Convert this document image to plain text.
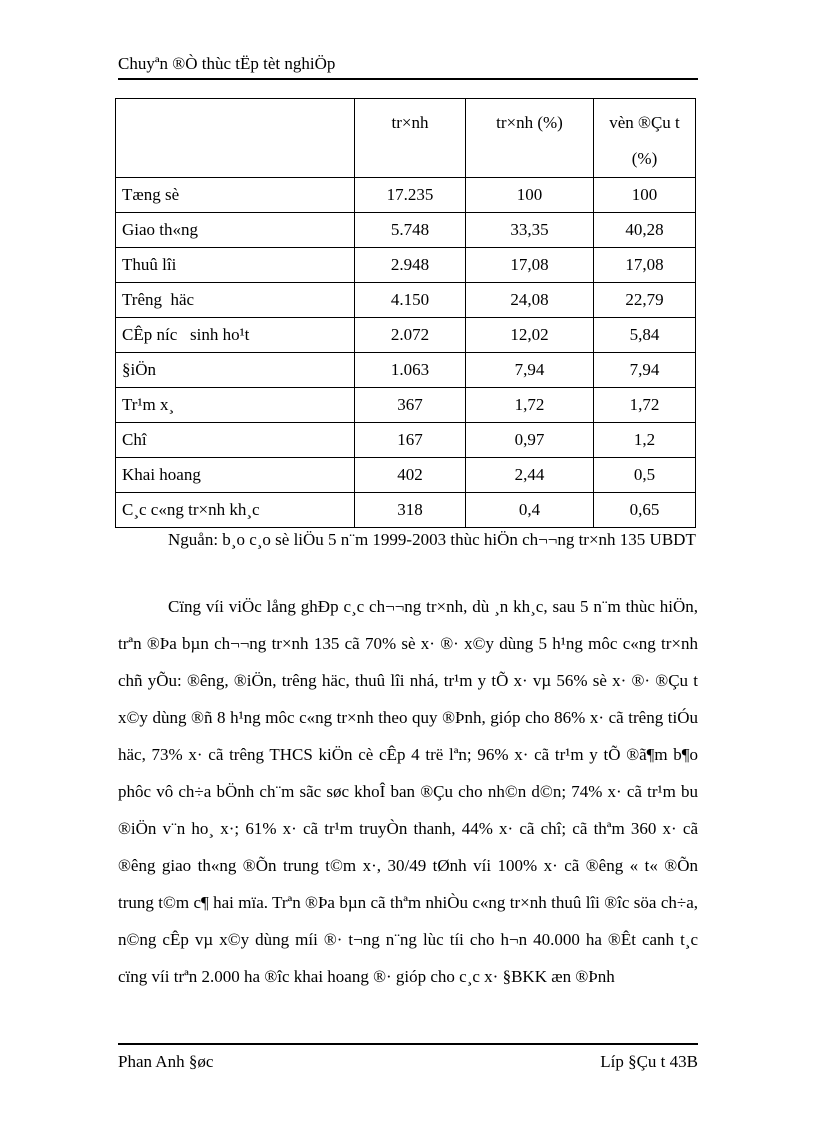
Chuyªn ®Ò thùc tËp tèt nghiÖp
	tr×nh	tr×nh (%)	vèn ®Çu t
(%)
Tæng sè	17.235	100	100
Giao th«ng	5.748	33,35	40,28
Thuû lîi	2.948	17,08	17,08
Trêng  häc	4.150	24,08	22,79
CÊp níc   sinh ho¹t	2.072	12,02	5,84
§iÖn	1.063	7,94	7,94
Tr¹m x¸	367	1,72	1,72
Chî	167	0,97	1,2
Khai hoang	402	2,44	0,5
C¸c c«ng tr×nh kh¸c	318	0,4	0,65

Nguån: b¸o c¸o sè liÖu 5 n¨m 1999-2003 thùc hiÖn ch¬¬ng tr×nh 135 UBDT

Cïng víi viÖc lång ghÐp c¸c ch¬¬ng tr×nh, dù ¸n kh¸c, sau 5 n¨m thùc hiÖn, trªn ®Þa bµn ch¬¬ng tr×nh 135 cã 70% sè x· ®· x©y dùng 5 h¹ng môc c«ng tr×nh chñ yÕu: ®êng, ®iÖn, trêng häc, thuû lîi nhá, tr¹m y tÕ x· vµ 56% sè x· ®· ®Çu t x©y dùng ®ñ 8 h¹ng môc c«ng tr×nh theo quy ®Þnh, gióp cho 86% x· cã trêng tiÓu häc, 73% x· cã trêng THCS kiÖn cè cÊp 4 trë lªn; 96% x· cã tr¹m y tÕ ®ã¶m b¶o phôc vô ch÷a bÖnh ch¨m sãc søc khoÎ ban ®Çu cho nh©n d©n; 74% x· cã tr¹m bu ®iÖn v¨n ho¸ x·; 61% x· cã tr¹m truyÒn thanh, 44% x· cã chî; cã thªm 360 x· cã ®êng giao th«ng ®Õn trung t©m x·, 30/49 tØnh víi 100% x· cã ®êng « t« ®Õn trung t©m c¶ hai mïa. Trªn ®Þa bµn cã thªm nhiÒu c«ng tr×nh thuû lîi ®îc söa ch÷a, n©ng cÊp vµ x©y dùng míi ®· t¬ng n¨ng lùc tíi cho h¬n 40.000 ha ®Êt canh t¸c cïng víi trªn 2.000 ha ®îc khai hoang ®· gióp cho c¸c x· §BKK æn ®Þnh

Phan Anh §øc	Líp §Çu t 43B
